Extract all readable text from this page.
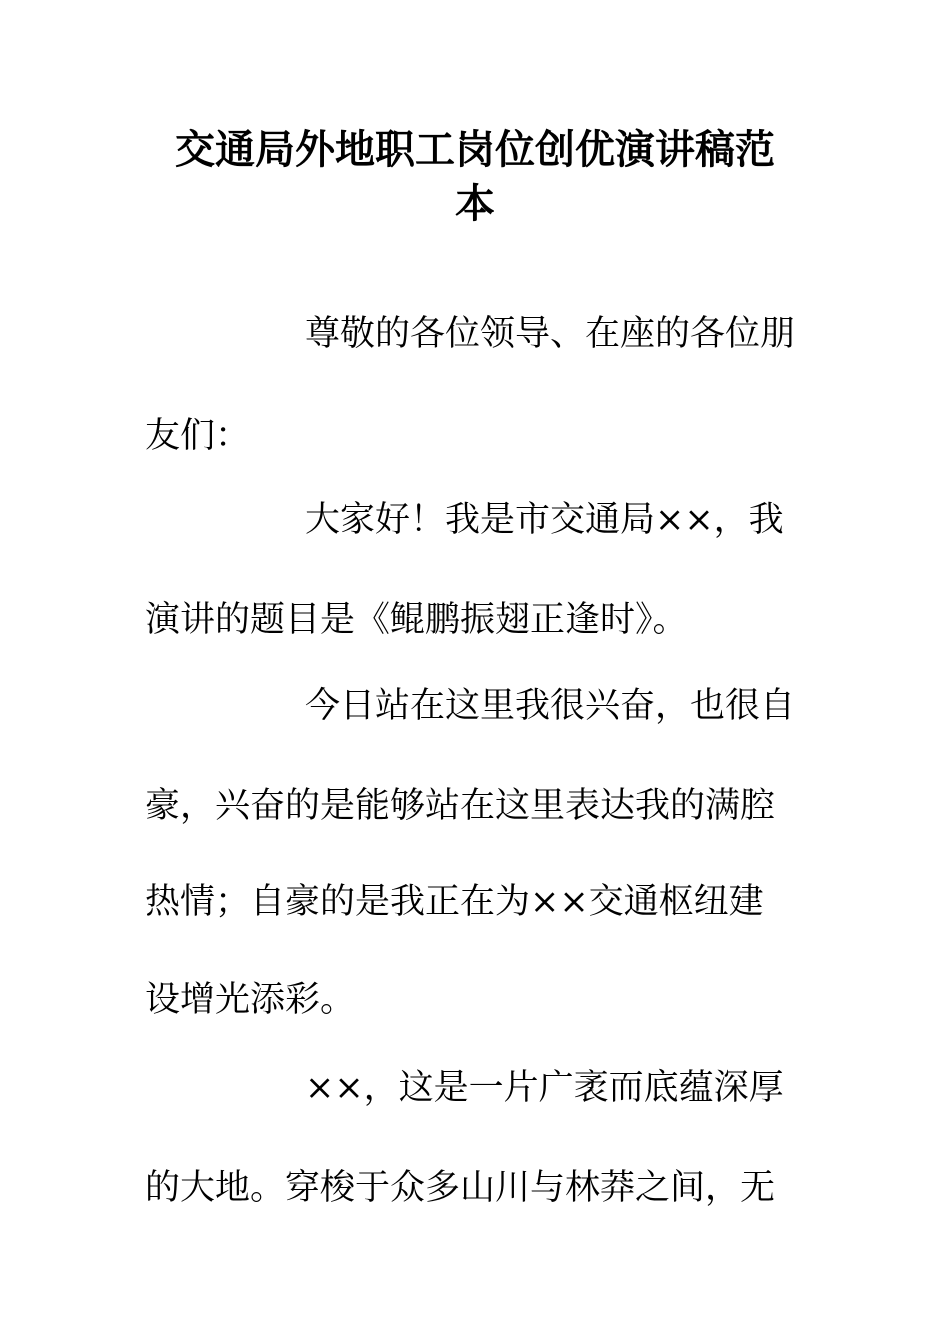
交通局外地职工岗位创优演讲稿范
本

尊敬的各位领导、在座的各位朋

友们：

大家好！我是市交通局××，我

演讲的题目是《鲲鹏振翅正逢时》。

今日站在这里我很兴奋，也很自

豪，兴奋的是能够站在这里表达我的满腔

热情；自豪的是我正在为××交通枢纽建

设增光添彩。

××，这是一片广袤而底蕴深厚

的大地。穿梭于众多山川与林莽之间，无
